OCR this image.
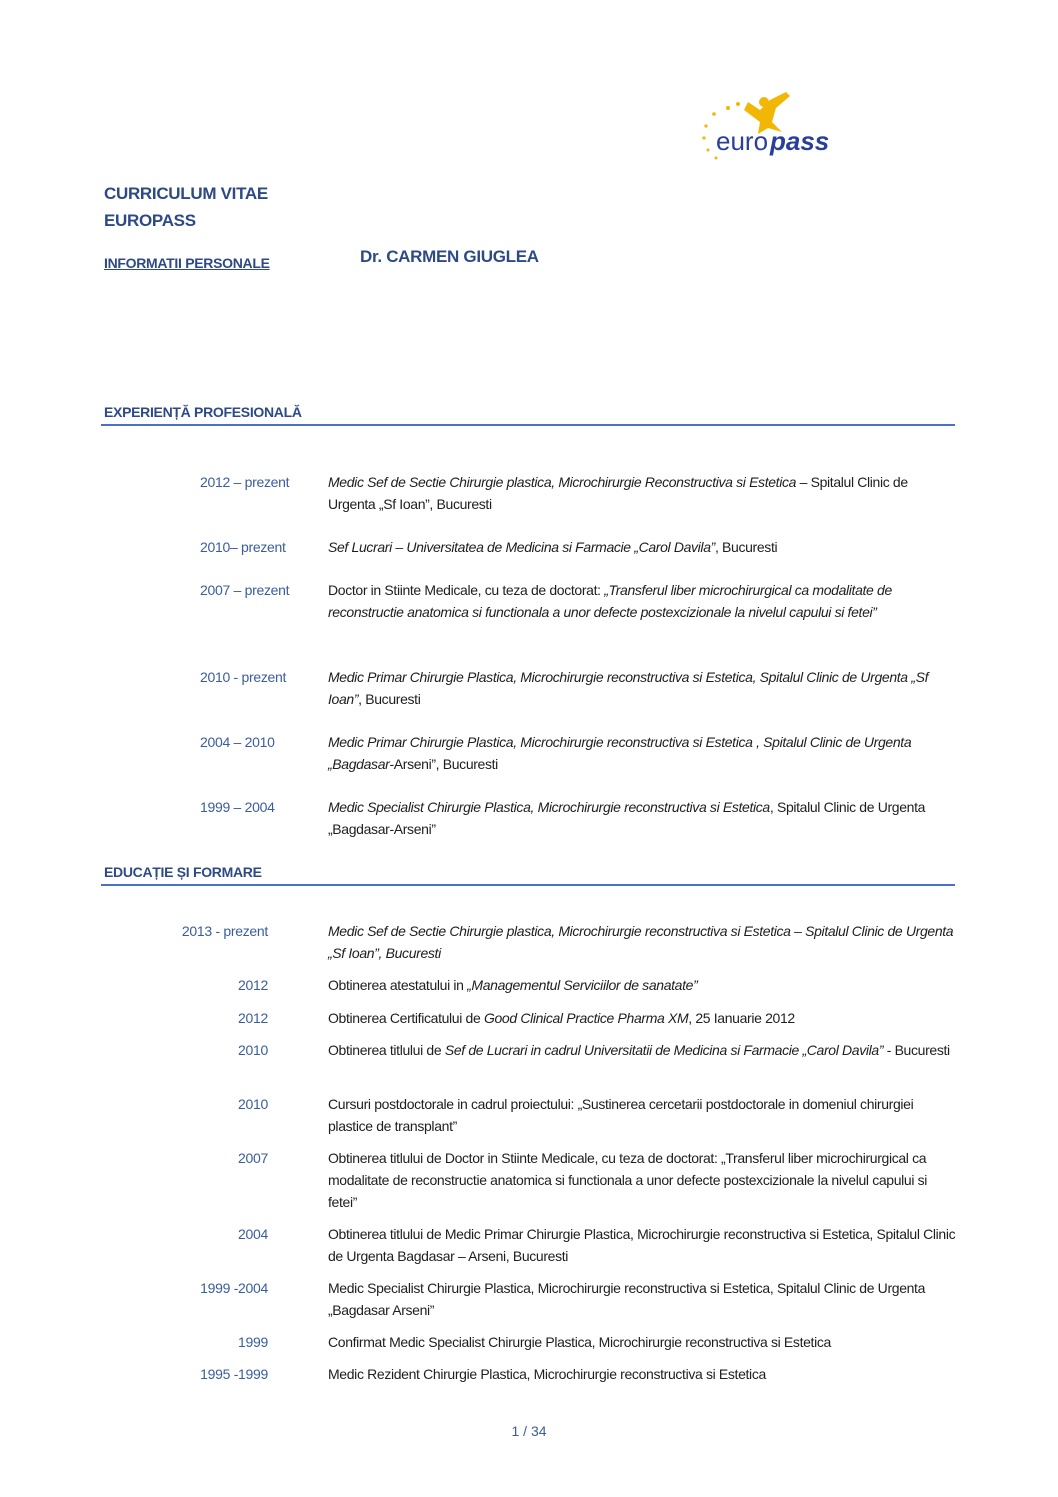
euro pass
CURRICULUM VITAE
EUROPASS
INFORMATII PERSONALE	Dr. CARMEN GIUGLEA
EXPERIENȚĂ PROFESIONALĂ
EDUCAȚIE ȘI FORMARE
2012 – prezent	Medic Sef de Sectie Chirurgie plastica, Microchirurgie Reconstructiva si Estetica – Spitalul Clinic de Urgenta „Sf Ioan”, Bucuresti
2010– prezent	Sef Lucrari – Universitatea de Medicina si Farmacie „Carol Davila”, Bucuresti
2007 – prezent	Doctor in Stiinte Medicale, cu teza de doctorat: „Transferul liber microchirurgical ca modalitate de reconstructie anatomica si functionala a unor defecte postexcizionale la nivelul capului si fetei”
2010 - prezent	Medic Primar Chirurgie Plastica, Microchirurgie reconstructiva si Estetica, Spitalul Clinic de Urgenta „Sf Ioan”, Bucuresti
2004 – 2010	Medic Primar Chirurgie Plastica, Microchirurgie reconstructiva si Estetica , Spitalul Clinic de Urgenta „Bagdasar-Arseni”, Bucuresti
1999 – 2004	Medic Specialist Chirurgie Plastica, Microchirurgie reconstructiva si Estetica, Spitalul Clinic de Urgenta „Bagdasar-Arseni”
2013 - prezent	Medic Sef de Sectie Chirurgie plastica, Microchirurgie reconstructiva si Estetica – Spitalul Clinic de Urgenta „Sf Ioan”, Bucuresti
2012	Obtinerea atestatului in „Managementul Serviciilor de sanatate”
2012	Obtinerea Certificatului de Good Clinical Practice Pharma XM, 25 Ianuarie 2012
2010	Obtinerea titlului de Sef de Lucrari in cadrul Universitatii de Medicina si Farmacie „Carol Davila” - Bucuresti
2010	Cursuri postdoctorale in cadrul proiectului: „Sustinerea cercetarii postdoctorale in domeniul chirurgiei plastice de transplant”
2007	Obtinerea titlului de Doctor in Stiinte Medicale, cu teza de doctorat: „Transferul liber microchirurgical ca modalitate de reconstructie anatomica si functionala a unor defecte postexcizionale la nivelul capului si fetei”
2004	Obtinerea titlului de Medic Primar Chirurgie Plastica, Microchirurgie reconstructiva si Estetica, Spitalul Clinic de Urgenta Bagdasar – Arseni, Bucuresti
1999 -2004	Medic Specialist Chirurgie Plastica, Microchirurgie reconstructiva si Estetica, Spitalul Clinic de Urgenta „Bagdasar Arseni”
1999	Confirmat Medic Specialist Chirurgie Plastica, Microchirurgie reconstructiva si Estetica
1995 -1999	Medic Rezident Chirurgie Plastica, Microchirurgie reconstructiva si Estetica
1 / 34
